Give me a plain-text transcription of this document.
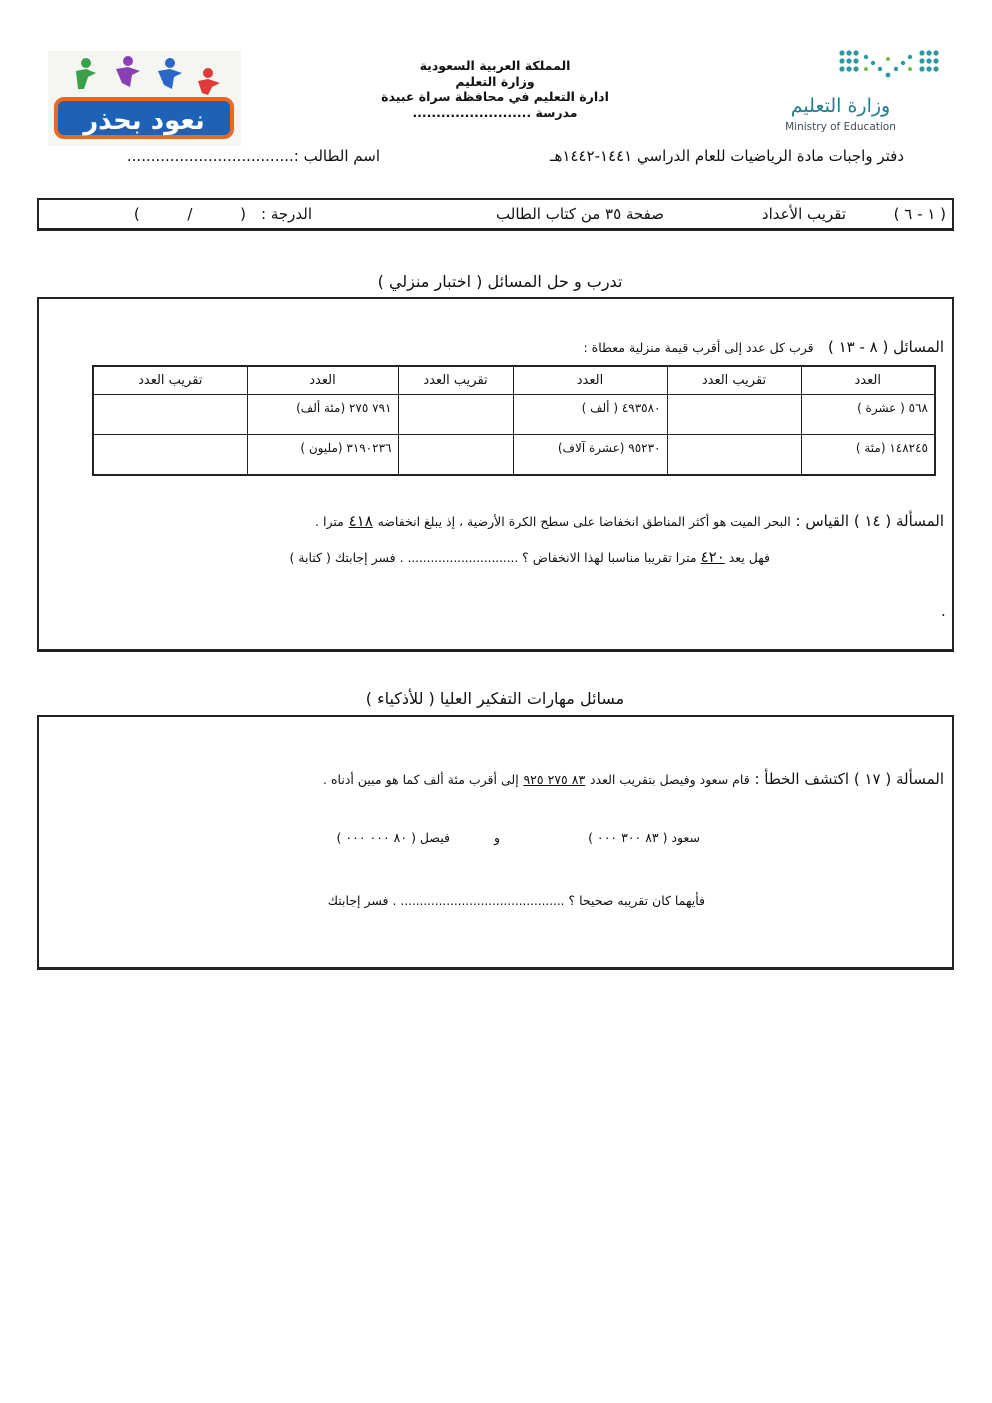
وزارة التعليم
Ministry of Education
المملكة العربية السعودية
وزارة التعليم
ادارة التعليم في محافظة سراة عبيدة
مدرسة .........................
نعود بحذر
دفتر واجبات مادة الرياضيات للعام الدراسي ١٤٤١-١٤٤٢هـ
اسم الطالب :...................................
( ١ - ٦ )
تقريب الأعداد
صفحة ٣٥ من كتاب الطالب
الدرجة :
(          /          )
تدرب و حل المسائل ( اختبار منزلي )
المسائل ( ٨ - ١٣ )   قرب كل عدد إلى أقرب قيمة منزلية معطاة :
العدد	تقريب العدد	العدد	تقريب العدد	العدد	تقريب العدد
٥٦٨ ( عشرة )		٤٩٣٥٨٠ ( ألف )		٧٩١ ٢٧٥ (مئة ألف)	
١٤٨٢٤٥ (مئة )		٩٥٢٣٠ (عشرة آلاف)		٣١٩٠٢٣٦ (مليون )	
المسألة ( ١٤ ) القياس : البحر الميت هو أكثر المناطق انخفاضا على سطح الكرة الأرضية ، إذ يبلغ انخفاضه ٤١٨ مترا .
فهل يعد ٤٢٠ مترا تقريبا مناسبا لهذا الانخفاض ؟ ............................. . فسر إجابتك ( كتابة )
.
مسائل مهارات التفكير العليا ( للأذكياء )
المسألة ( ١٧ ) اكتشف الخطأ : قام سعود وفيصل بتقريب العدد ٨٣ ٢٧٥ ٩٢٥ إلى أقرب مئة ألف كما هو مبين أدناه .
سعود ( ٨٣ ٣٠٠ ٠٠٠ )
و
فيصل ( ٨٠ ٠٠٠ ٠٠٠ )
فأيهما كان تقريبه صحيحا ؟ ........................................... . فسر إجابتك
